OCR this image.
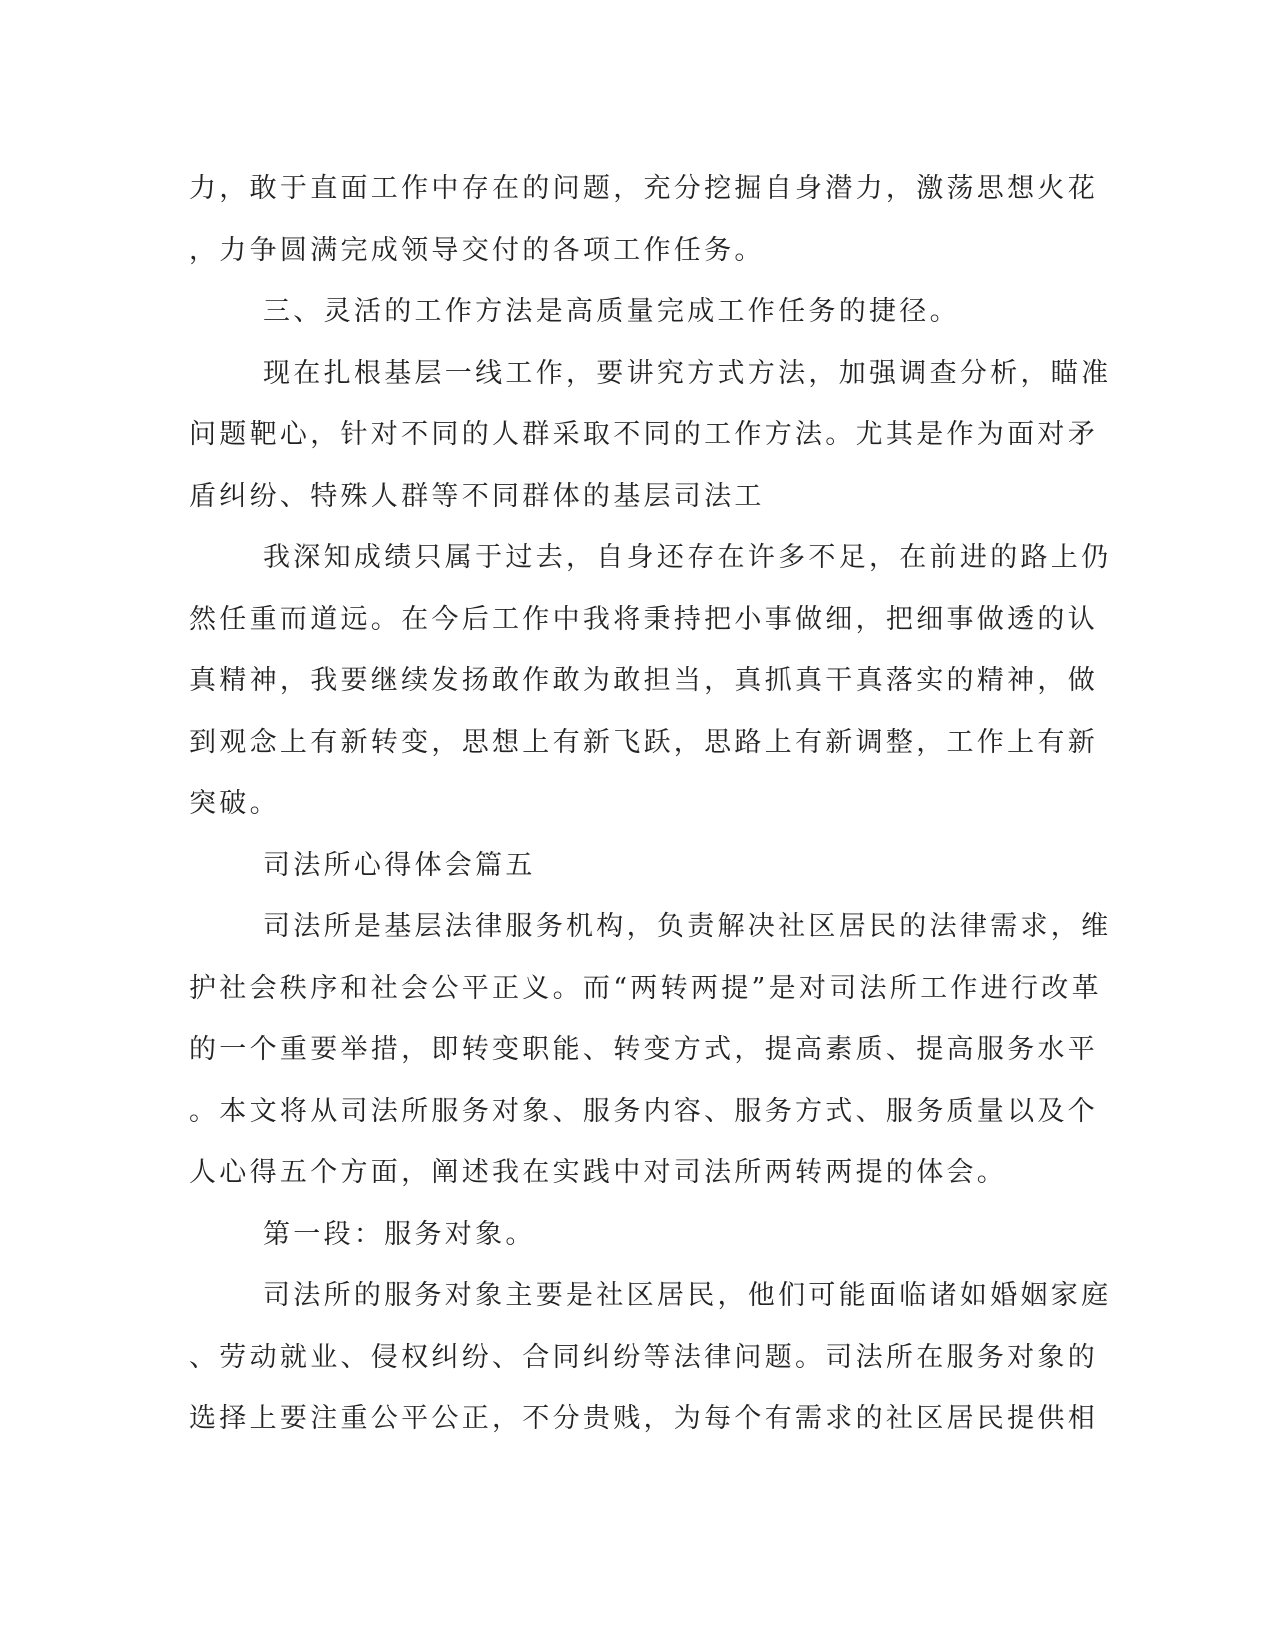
力，敢于直面工作中存在的问题，充分挖掘自身潜力，激荡思想火花
，力争圆满完成领导交付的各项工作任务。
三、灵活的工作方法是高质量完成工作任务的捷径。
现在扎根基层一线工作，要讲究方式方法，加强调查分析，瞄准
问题靶心，针对不同的人群采取不同的工作方法。尤其是作为面对矛
盾纠纷、特殊人群等不同群体的基层司法工
我深知成绩只属于过去，自身还存在许多不足，在前进的路上仍
然任重而道远。在今后工作中我将秉持把小事做细，把细事做透的认
真精神，我要继续发扬敢作敢为敢担当，真抓真干真落实的精神，做
到观念上有新转变，思想上有新飞跃，思路上有新调整，工作上有新
突破。
司法所心得体会篇五
司法所是基层法律服务机构，负责解决社区居民的法律需求，维
护社会秩序和社会公平正义。而“两转两提”是对司法所工作进行改革
的一个重要举措，即转变职能、转变方式，提高素质、提高服务水平
。本文将从司法所服务对象、服务内容、服务方式、服务质量以及个
人心得五个方面，阐述我在实践中对司法所两转两提的体会。
第一段：服务对象。
司法所的服务对象主要是社区居民，他们可能面临诸如婚姻家庭
、劳动就业、侵权纠纷、合同纠纷等法律问题。司法所在服务对象的
选择上要注重公平公正，不分贵贱，为每个有需求的社区居民提供相
